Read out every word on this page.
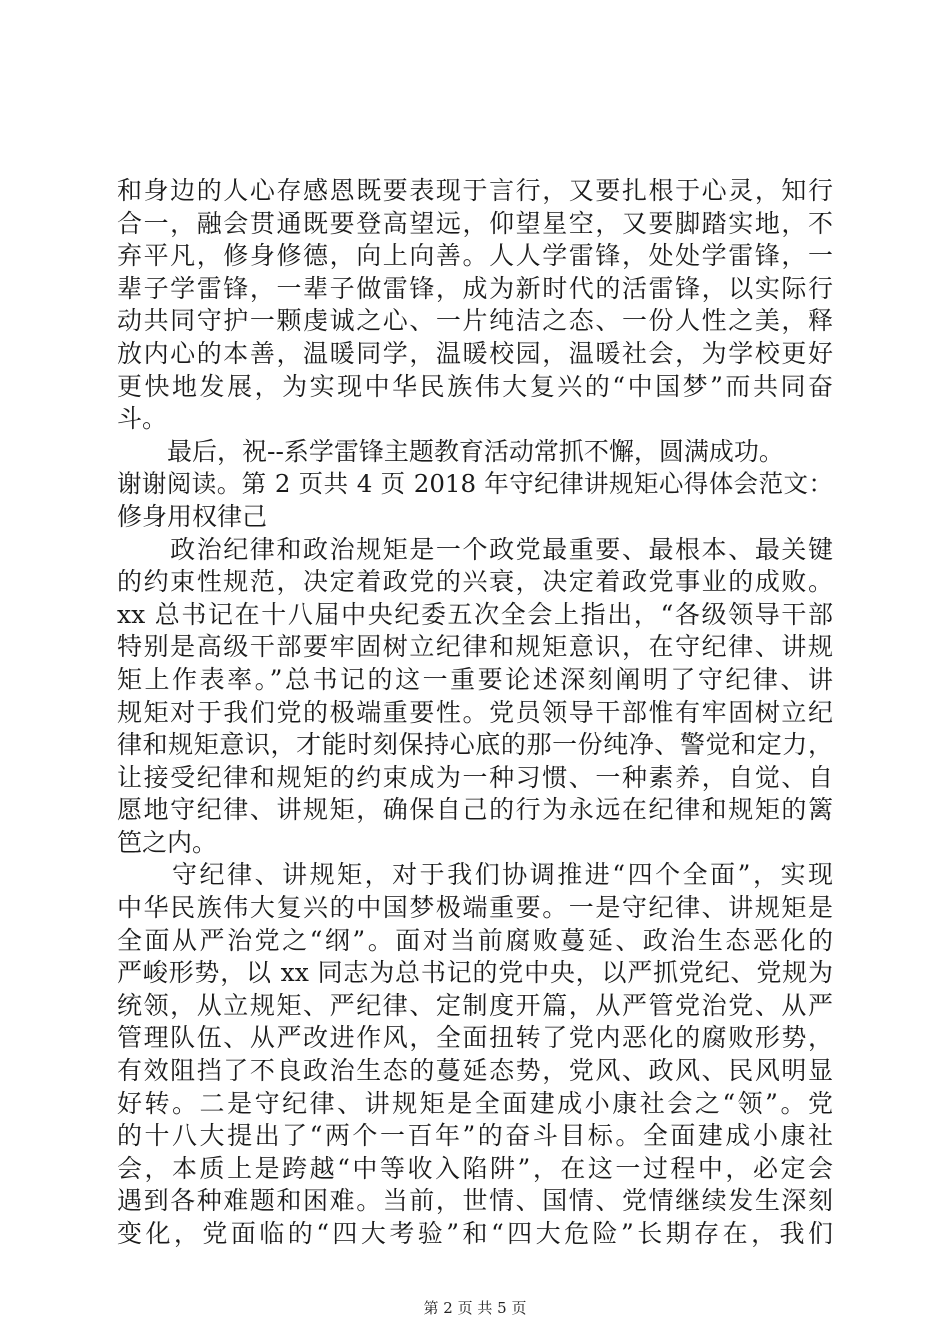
和身边的人心存感恩既要表现于言行，又要扎根于心灵，知行
合一，融会贯通既要登高望远，仰望星空，又要脚踏实地，不
弃平凡，修身修德，向上向善。人人学雷锋，处处学雷锋，一
辈子学雷锋，一辈子做雷锋，成为新时代的活雷锋，以实际行
动共同守护一颗虔诚之心、一片纯洁之态、一份人性之美，释
放内心的本善，温暖同学，温暖校园，温暖社会，为学校更好
更快地发展，为实现中华民族伟大复兴的“中国梦”而共同奋
斗。
　　最后，祝--系学雷锋主题教育活动常抓不懈，圆满成功。
谢谢阅读。第 2 页共 4 页 2018 年守纪律讲规矩心得体会范文：
修身用权律己
　　政治纪律和政治规矩是一个政党最重要、最根本、最关键
的约束性规范，决定着政党的兴衰，决定着政党事业的成败。
xx 总书记在十八届中央纪委五次全会上指出，“各级领导干部
特别是高级干部要牢固树立纪律和规矩意识，在守纪律、讲规
矩上作表率。”总书记的这一重要论述深刻阐明了守纪律、讲
规矩对于我们党的极端重要性。党员领导干部惟有牢固树立纪
律和规矩意识，才能时刻保持心底的那一份纯净、警觉和定力，
让接受纪律和规矩的约束成为一种习惯、一种素养，自觉、自
愿地守纪律、讲规矩，确保自己的行为永远在纪律和规矩的篱
笆之内。
　　守纪律、讲规矩，对于我们协调推进“四个全面”，实现
中华民族伟大复兴的中国梦极端重要。一是守纪律、讲规矩是
全面从严治党之“纲”。面对当前腐败蔓延、政治生态恶化的
严峻形势，以 xx 同志为总书记的党中央，以严抓党纪、党规为
统领，从立规矩、严纪律、定制度开篇，从严管党治党、从严
管理队伍、从严改进作风，全面扭转了党内恶化的腐败形势，
有效阻挡了不良政治生态的蔓延态势，党风、政风、民风明显
好转。二是守纪律、讲规矩是全面建成小康社会之“领”。党
的十八大提出了“两个一百年”的奋斗目标。全面建成小康社
会，本质上是跨越“中等收入陷阱”，在这一过程中，必定会
遇到各种难题和困难。当前，世情、国情、党情继续发生深刻
变化，党面临的“四大考验”和“四大危险”长期存在，我们
第 2 页 共 5 页
